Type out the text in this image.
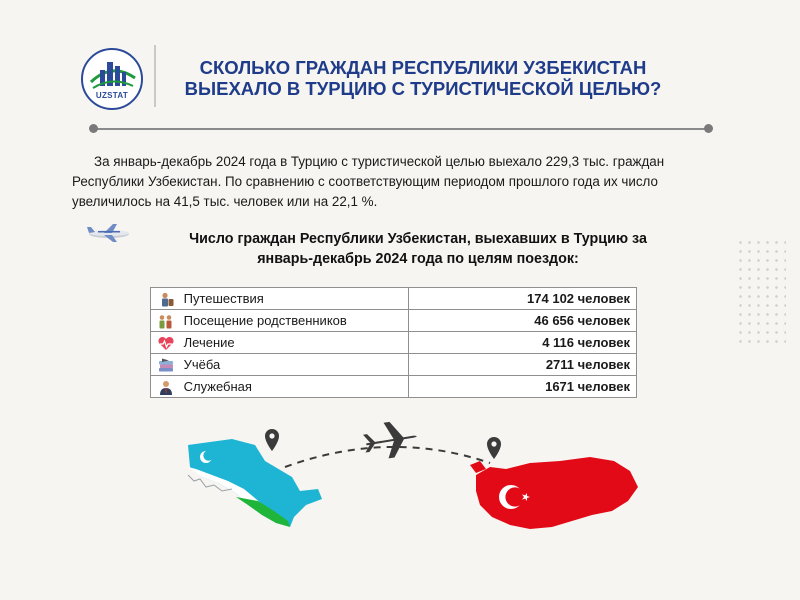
UZSTAT
СКОЛЬКО ГРАЖДАН РЕСПУБЛИКИ УЗБЕКИСТАН
ВЫЕХАЛО В ТУРЦИЮ С ТУРИСТИЧЕСКОЙ ЦЕЛЬЮ?

За январь-декабрь 2024 года в Турцию с туристической целью выехало 229,3 тыс. граждан Республики Узбекистан. По сравнению с соответствующим периодом прошлого года их число увеличилось на 41,5 тыс. человек или на 22,1 %.

Число граждан Республики Узбекистан, выехавших в Турцию за
январь-декабрь 2024 года по целям поездок:
Путешествия	174 102 человек
Посещение родственников	46 656 человек
Лечение	4 116 человек
Учёба	2711 человек
Служебная	1671 человек
